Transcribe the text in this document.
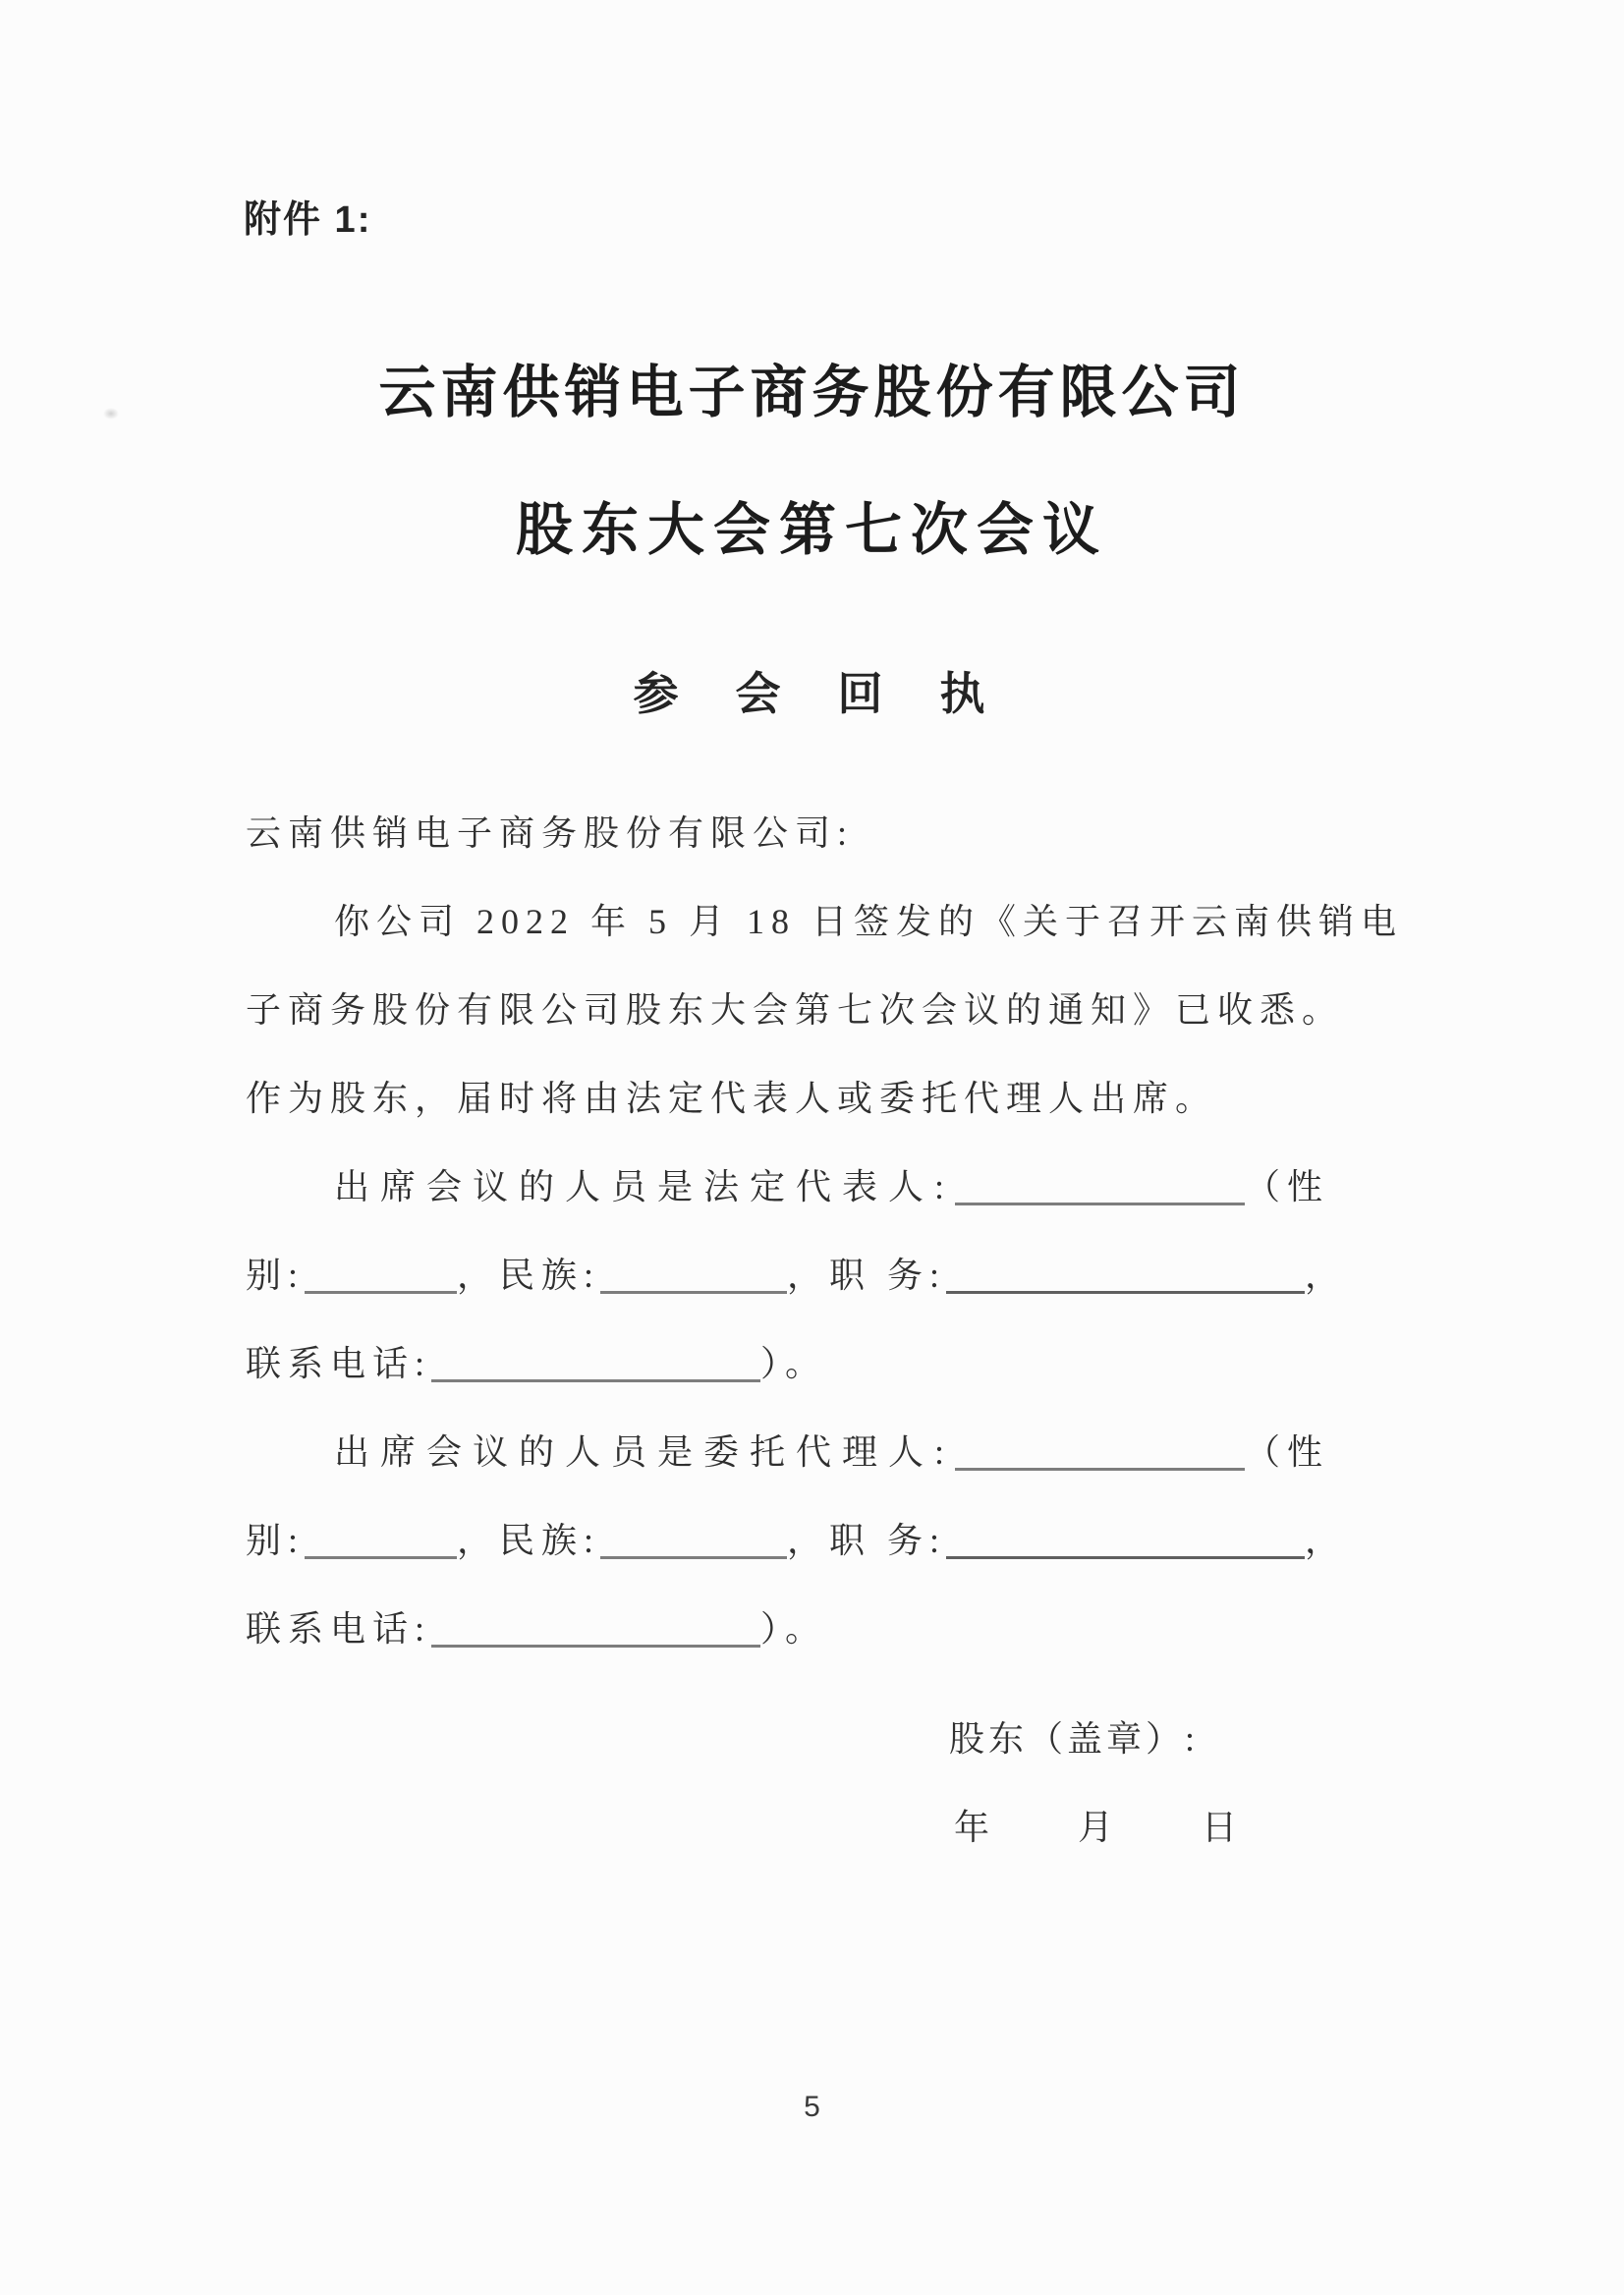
附件 1:
云南供销电子商务股份有限公司
股东大会第七次会议
参　会　回　执
云南供销电子商务股份有限公司:
你公司 2022 年 5 月 18 日签发的《关于召开云南供销电
子商务股份有限公司股东大会第七次会议的通知》已收悉。
作为股东，届时将由法定代表人或委托代理人出席。
出席会议的人员是法定代表人:	（性
别:	，民族:	，职 务:	，
联系电话:	）。
出席会议的人员是委托代理人:	（性
别:	，民族:	，职 务:	，
联系电话:	）。
股东（盖章）:
年　　月　　日
5
